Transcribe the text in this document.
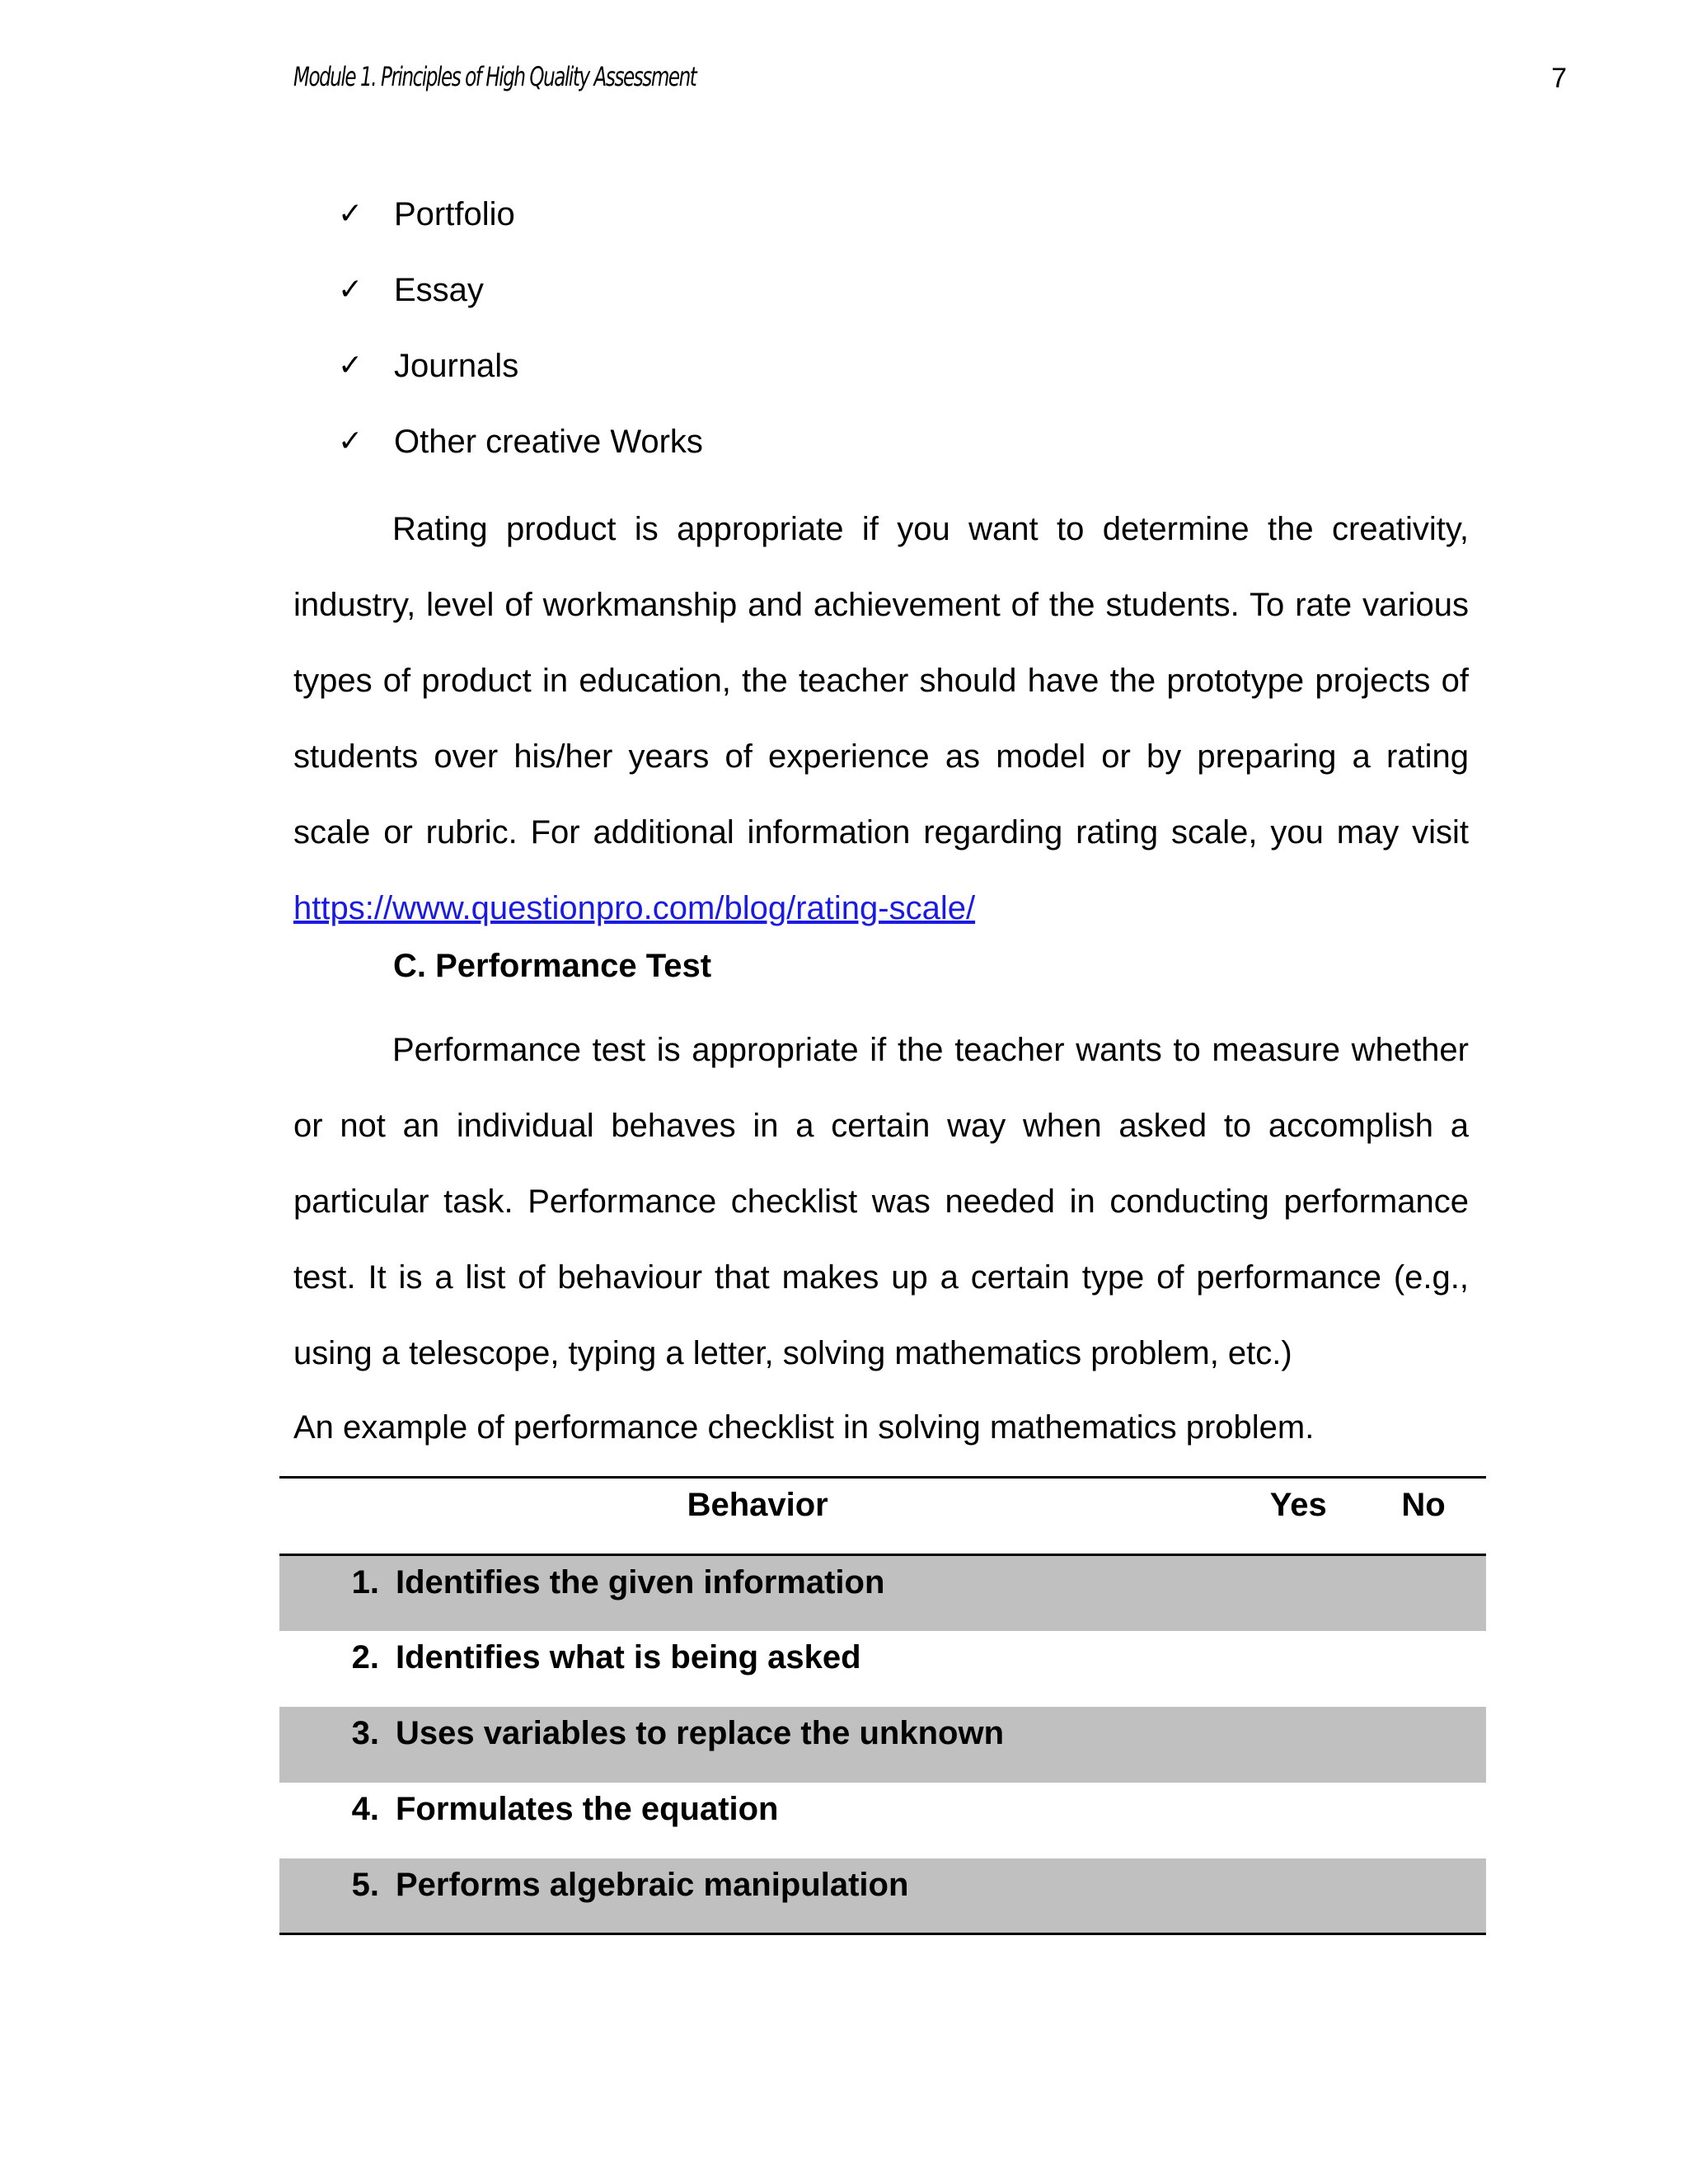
Module 1. Principles of High Quality Assessment	7
✓ Portfolio
✓ Essay
✓ Journals
✓ Other creative Works
Rating product is appropriate if you want to determine the creativity, industry, level of workmanship and achievement of the students. To rate various types of product in education, the teacher should have the prototype projects of students over his/her years of experience as model or by preparing a rating scale or rubric. For additional information regarding rating scale, you may visit https://www.questionpro.com/blog/rating-scale/
C. Performance Test
Performance test is appropriate if the teacher wants to measure whether or not an individual behaves in a certain way when asked to accomplish a particular task. Performance checklist was needed in conducting performance test. It is a list of behaviour that makes up a certain type of performance (e.g., using a telescope, typing a letter, solving mathematics problem, etc.)
An example of performance checklist in solving mathematics problem.
Behavior	Yes	No
1. Identifies the given information		
2. Identifies what is being asked		
3. Uses variables to replace the unknown		
4. Formulates the equation		
5. Performs algebraic manipulation		
